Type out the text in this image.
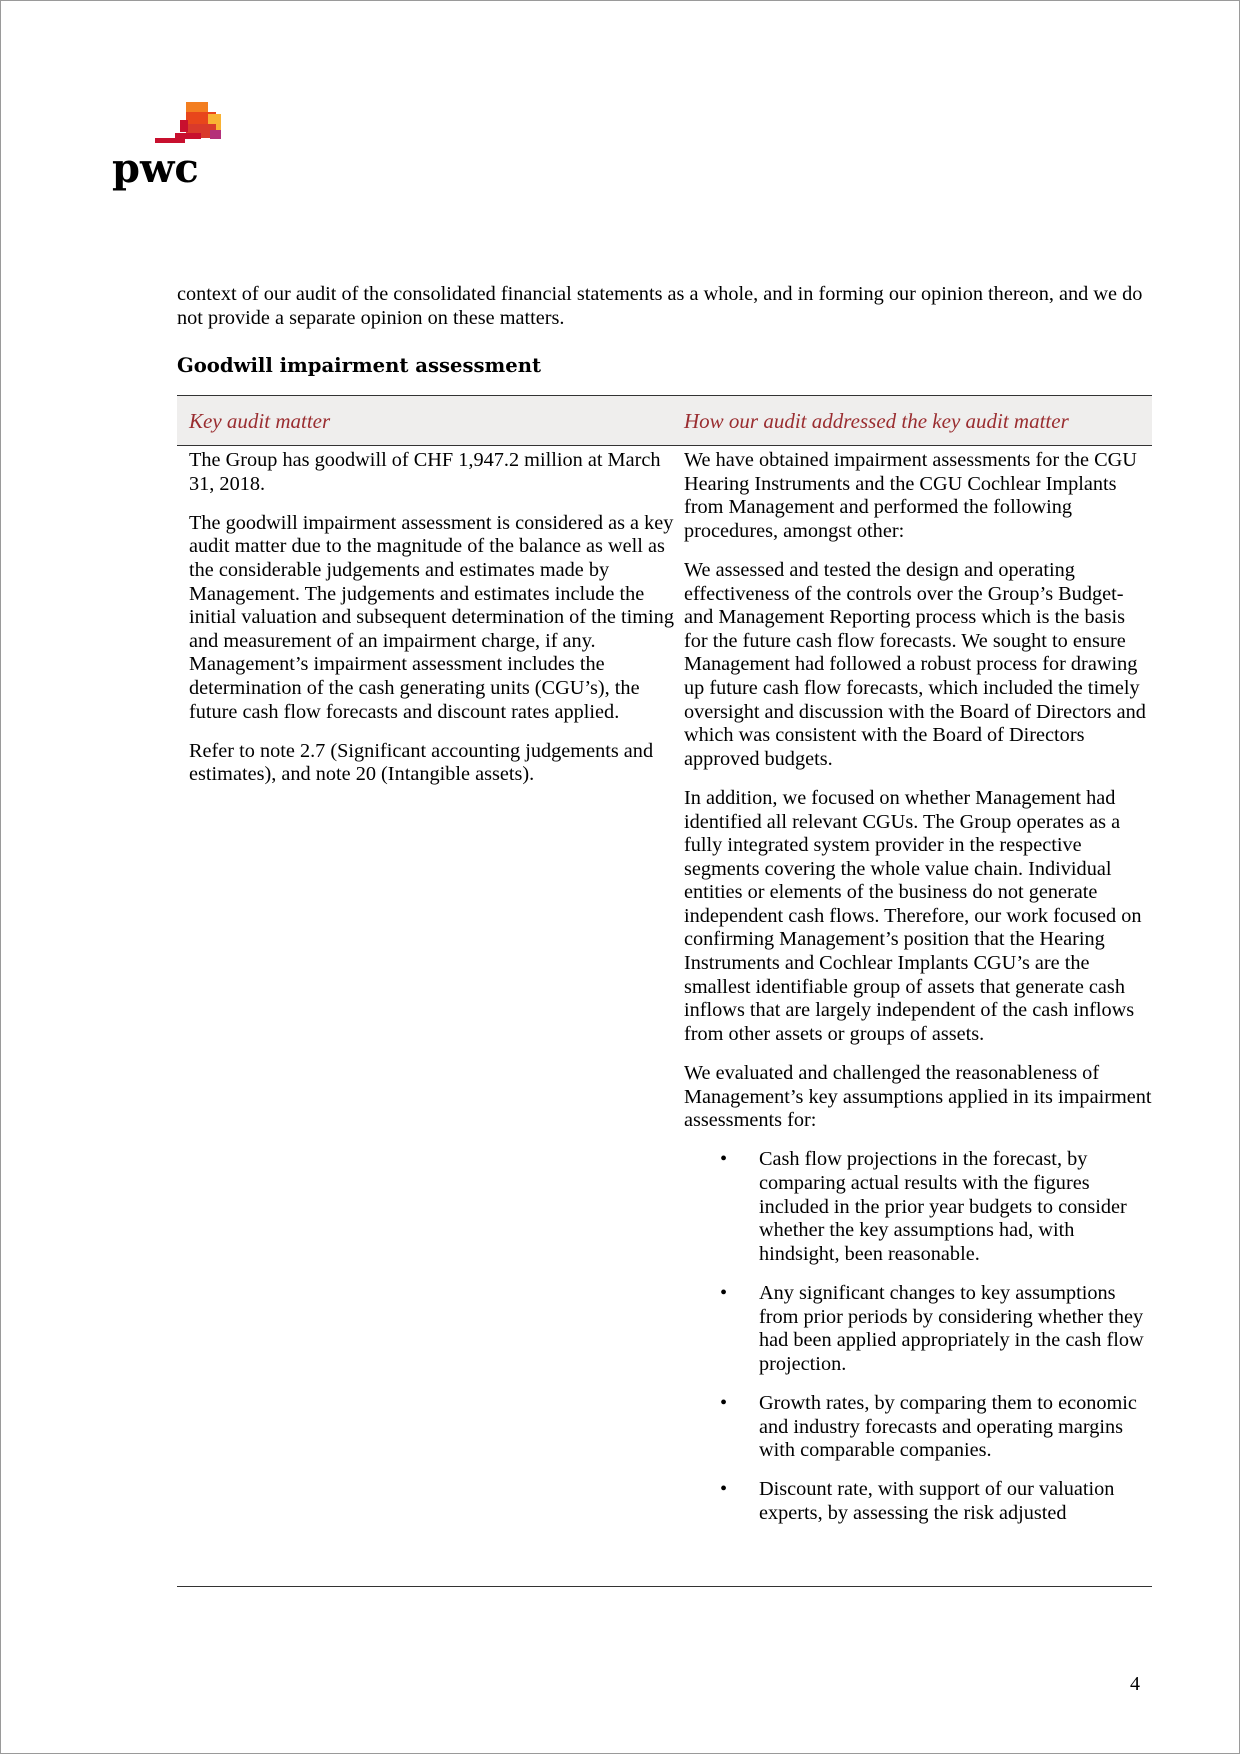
pwc
context of our audit of the consolidated financial statements as a whole, and in forming our opinion thereon, and we do not provide a separate opinion on these matters.
Goodwill impairment assessment
Key audit matter	How our audit addressed the key audit matter

The Group has goodwill of CHF 1,947.2 million at March 31, 2018.

The goodwill impairment assessment is considered as a key audit matter due to the magnitude of the balance as well as the considerable judgements and estimates made by Management. The judgements and estimates include the initial valuation and subsequent determination of the timing and measurement of an impairment charge, if any. Management’s impairment assessment includes the determination of the cash generating units (CGU’s), the future cash flow forecasts and discount rates applied.

Refer to note 2.7 (Significant accounting judgements and estimates), and note 20 (Intangible assets).

We have obtained impairment assessments for the CGU Hearing Instruments and the CGU Cochlear Implants from Management and performed the following procedures, amongst other:

We assessed and tested the design and operating effectiveness of the controls over the Group’s Budget- and Management Reporting process which is the basis for the future cash flow forecasts. We sought to ensure Management had followed a robust process for drawing up future cash flow forecasts, which included the timely oversight and discussion with the Board of Directors and which was consistent with the Board of Directors approved budgets.

In addition, we focused on whether Management had identified all relevant CGUs. The Group operates as a fully integrated system provider in the respective segments covering the whole value chain. Individual entities or elements of the business do not generate independent cash flows. Therefore, our work focused on confirming Management’s position that the Hearing Instruments and Cochlear Implants CGU’s are the smallest identifiable group of assets that generate cash inflows that are largely independent of the cash inflows from other assets or groups of assets.

We evaluated and challenged the reasonableness of Management’s key assumptions applied in its impairment assessments for:

• Cash flow projections in the forecast, by comparing actual results with the figures included in the prior year budgets to consider whether the key assumptions had, with hindsight, been reasonable.
• Any significant changes to key assumptions from prior periods by considering whether they had been applied appropriately in the cash flow projection.
• Growth rates, by comparing them to economic and industry forecasts and operating margins with comparable companies.
• Discount rate, with support of our valuation experts, by assessing the risk adjusted
4
